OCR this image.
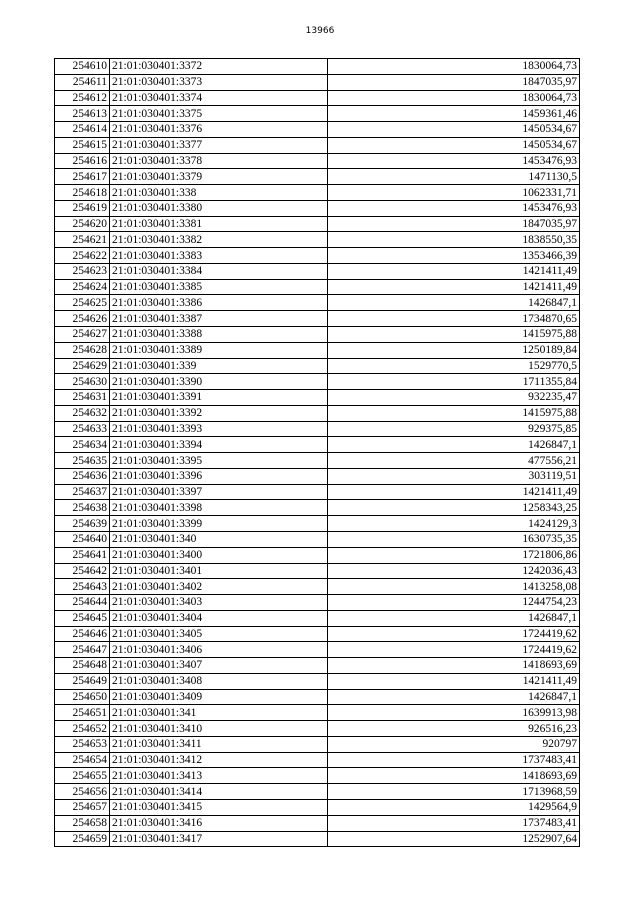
13966
254610	21:01:030401:3372	1830064,73
254611	21:01:030401:3373	1847035,97
254612	21:01:030401:3374	1830064,73
254613	21:01:030401:3375	1459361,46
254614	21:01:030401:3376	1450534,67
254615	21:01:030401:3377	1450534,67
254616	21:01:030401:3378	1453476,93
254617	21:01:030401:3379	1471130,5
254618	21:01:030401:338	1062331,71
254619	21:01:030401:3380	1453476,93
254620	21:01:030401:3381	1847035,97
254621	21:01:030401:3382	1838550,35
254622	21:01:030401:3383	1353466,39
254623	21:01:030401:3384	1421411,49
254624	21:01:030401:3385	1421411,49
254625	21:01:030401:3386	1426847,1
254626	21:01:030401:3387	1734870,65
254627	21:01:030401:3388	1415975,88
254628	21:01:030401:3389	1250189,84
254629	21:01:030401:339	1529770,5
254630	21:01:030401:3390	1711355,84
254631	21:01:030401:3391	932235,47
254632	21:01:030401:3392	1415975,88
254633	21:01:030401:3393	929375,85
254634	21:01:030401:3394	1426847,1
254635	21:01:030401:3395	477556,21
254636	21:01:030401:3396	303119,51
254637	21:01:030401:3397	1421411,49
254638	21:01:030401:3398	1258343,25
254639	21:01:030401:3399	1424129,3
254640	21:01:030401:340	1630735,35
254641	21:01:030401:3400	1721806,86
254642	21:01:030401:3401	1242036,43
254643	21:01:030401:3402	1413258,08
254644	21:01:030401:3403	1244754,23
254645	21:01:030401:3404	1426847,1
254646	21:01:030401:3405	1724419,62
254647	21:01:030401:3406	1724419,62
254648	21:01:030401:3407	1418693,69
254649	21:01:030401:3408	1421411,49
254650	21:01:030401:3409	1426847,1
254651	21:01:030401:341	1639913,98
254652	21:01:030401:3410	926516,23
254653	21:01:030401:3411	920797
254654	21:01:030401:3412	1737483,41
254655	21:01:030401:3413	1418693,69
254656	21:01:030401:3414	1713968,59
254657	21:01:030401:3415	1429564,9
254658	21:01:030401:3416	1737483,41
254659	21:01:030401:3417	1252907,64
